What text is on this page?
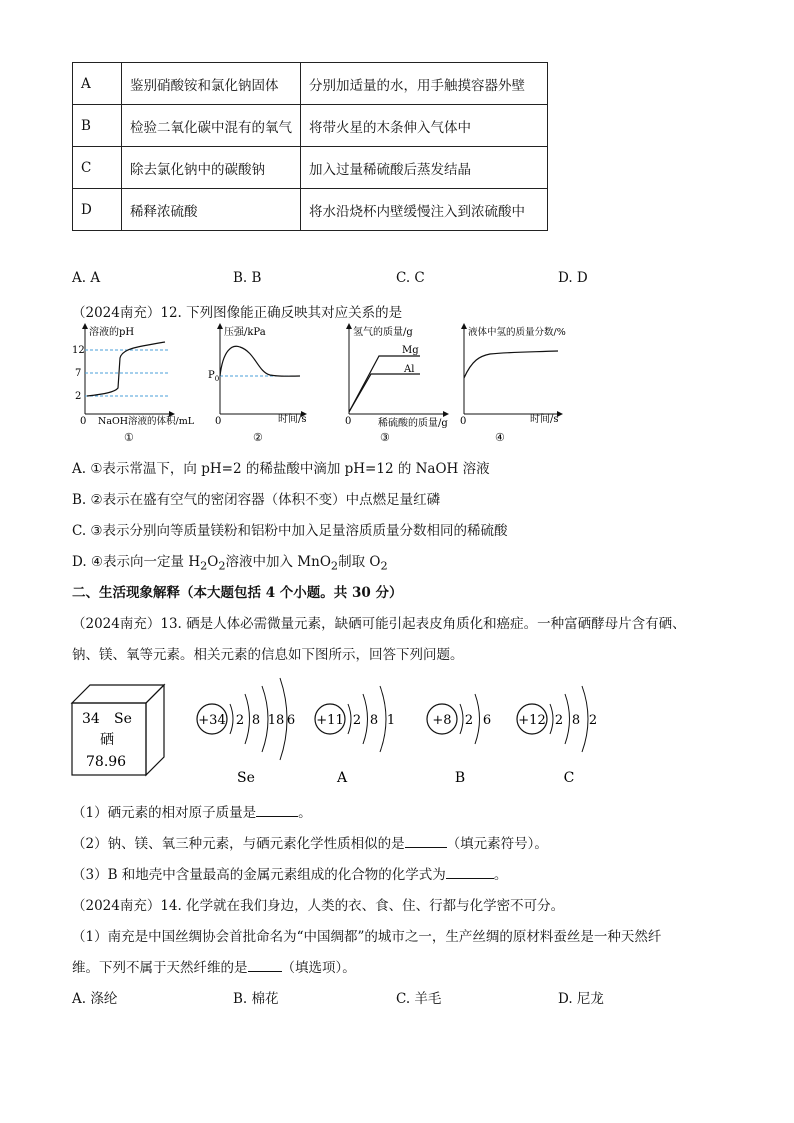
A	鉴别硝酸铵和氯化钠固体	分别加适量的水，用手触摸容器外壁
B	检验二氧化碳中混有的氧气	将带火星的木条伸入气体中
C	除去氯化钠中的碳酸钠	加入过量稀硫酸后蒸发结晶
D	稀释浓硫酸	将水沿烧杯内壁缓慢注入到浓硫酸中
A. A	B. B	C. C	D. D
（2024南充）12. 下列图像能正确反映其对应关系的是
溶液的pH
12
7
2
0 NaOH溶液的体积/mL
①
压强/kPa
$P_0$
0	时间/s
②
氢气的质量/g
Mg
Al
0	稀硫酸的质量/g
③
液体中氢的质量分数/%
0	时间/s
④
A. ①表示常温下，向 pH=2 的稀盐酸中滴加 pH=12 的 NaOH 溶液
B. ②表示在盛有空气的密闭容器（体积不变）中点燃足量红磷
C. ③表示分别向等质量镁粉和铝粉中加入足量溶质质量分数相同的稀硫酸
D. ④表示向一定量 $H_2O_2$溶液中加入 MnO$_2$制取 $O_2$
二、生活现象解释（本大题包括 4 个小题。共 30 分）
（2024南充）13. 硒是人体必需微量元素，缺硒可能引起表皮角质化和癌症。一种富硒酵母片含有硒、
钠、镁、氧等元素。相关元素的信息如下图所示，回答下列问题。
34 Se
硒
78.96
+34 2 8 18 6
Se
+11 2 8 1
A
+8 2 6
B
+12 2 8 2
C
（1）硒元素的相对原子质量是	。
（2）钠、镁、氧三种元素，与硒元素化学性质相似的是	（填元素符号）。
（3）B 和地壳中含量最高的金属元素组成的化合物的化学式为	。
（2024南充）14. 化学就在我们身边，人类的衣、食、住、行都与化学密不可分。
（1）南充是中国丝绸协会首批命名为“中国绸都”的城市之一，生产丝绸的原材料蚕丝是一种天然纤
维。下列不属于天然纤维的是	（填选项）。
A. 涤纶	B. 棉花	C. 羊毛	D. 尼龙
